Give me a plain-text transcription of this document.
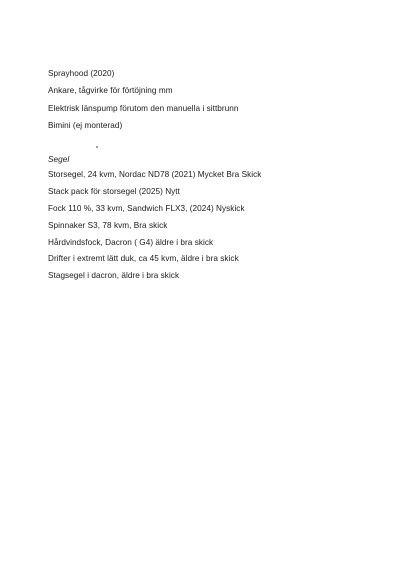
Sprayhood (2020)
Ankare, tågvirke för förtöjning mm
Elektrisk länspump förutom den manuella i sittbrunn
Bimini (ej monterad)
Segel
Storsegel, 24 kvm, Nordac ND78 (2021) Mycket Bra Skick
Stack pack för storsegel (2025) Nytt
Fock 110 %, 33 kvm, Sandwich FLX3, (2024) Nyskick
Spinnaker S3, 78 kvm, Bra skick
Hårdvindsfock, Dacron ( G4) äldre i bra skick
Drifter i extremt lätt duk, ca 45 kvm, äldre i bra skick
Stagsegel i dacron, äldre i bra skick
